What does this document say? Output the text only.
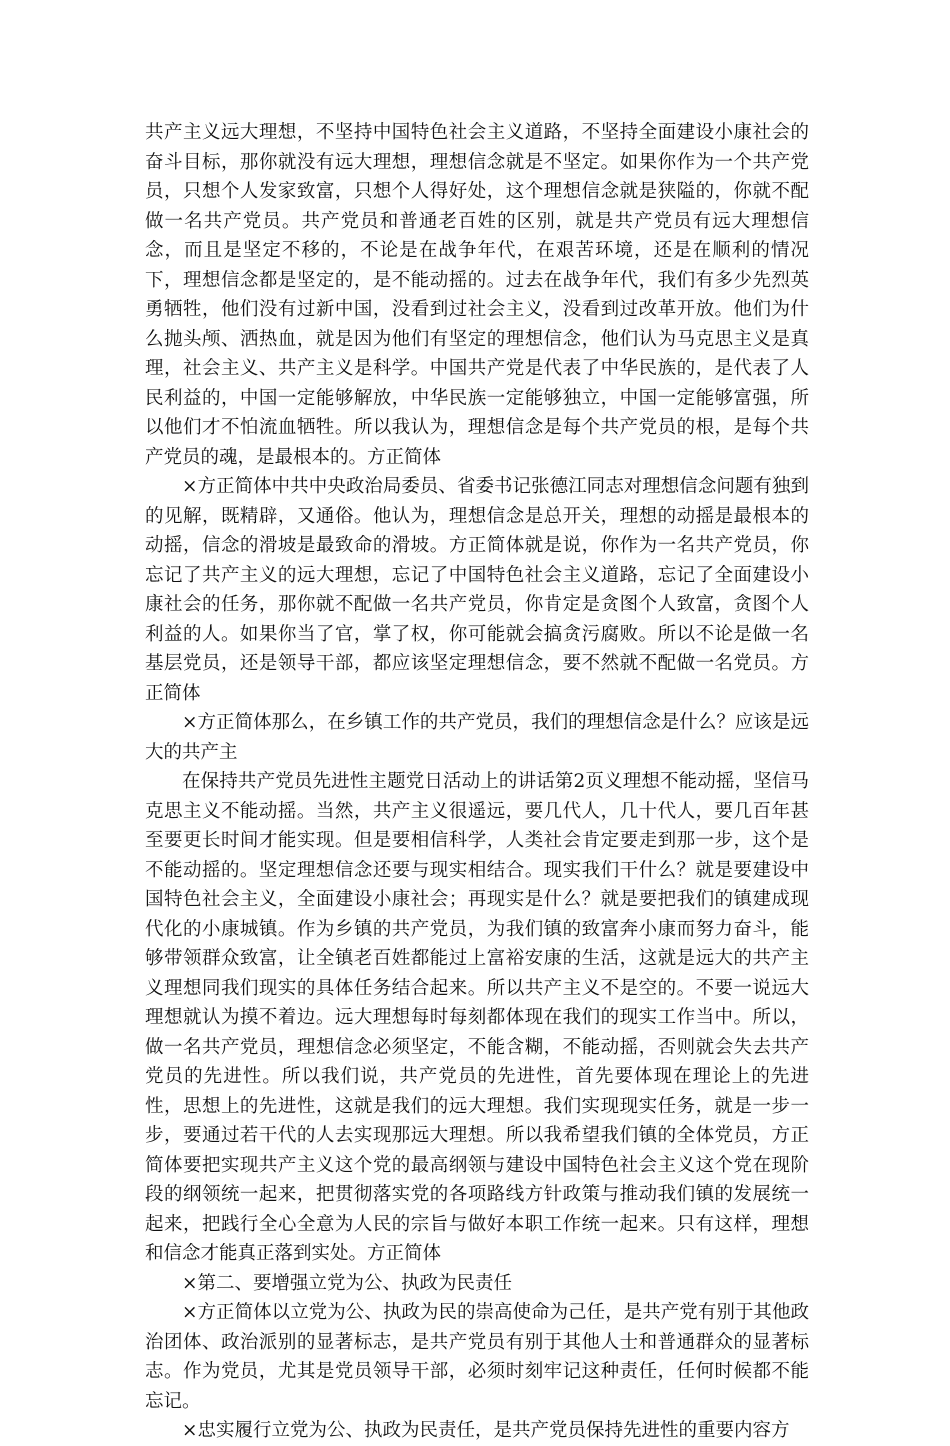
共产主义远大理想，不坚持中国特色社会主义道路，不坚持全面建设小康社会的奋斗目标，那你就没有远大理想，理想信念就是不坚定。如果你作为一个共产党员，只想个人发家致富，只想个人得好处，这个理想信念就是狭隘的，你就不配做一名共产党员。共产党员和普通老百姓的区别，就是共产党员有远大理想信念，而且是坚定不移的，不论是在战争年代，在艰苦环境，还是在顺利的情况下，理想信念都是坚定的，是不能动摇的。过去在战争年代，我们有多少先烈英勇牺牲，他们没有过新中国，没看到过社会主义，没看到过改革开放。他们为什么抛头颅、洒热血，就是因为他们有坚定的理想信念，他们认为马克思主义是真理，社会主义、共产主义是科学。中国共产党是代表了中华民族的，是代表了人民利益的，中国一定能够解放，中华民族一定能够独立，中国一定能够富强，所以他们才不怕流血牺牲。所以我认为，理想信念是每个共产党员的根，是每个共产党员的魂，是最根本的。方正简体

×方正简体中共中央政治局委员、省委书记张德江同志对理想信念问题有独到的见解，既精辟，又通俗。他认为，理想信念是总开关，理想的动摇是最根本的动摇，信念的滑坡是最致命的滑坡。方正简体就是说，你作为一名共产党员，你忘记了共产主义的远大理想，忘记了中国特色社会主义道路，忘记了全面建设小康社会的任务，那你就不配做一名共产党员，你肯定是贪图个人致富，贪图个人利益的人。如果你当了官，掌了权，你可能就会搞贪污腐败。所以不论是做一名基层党员，还是领导干部，都应该坚定理想信念，要不然就不配做一名党员。方正简体

×方正简体那么，在乡镇工作的共产党员，我们的理想信念是什么？应该是远大的共产主

在保持共产党员先进性主题党日活动上的讲话第2页义理想不能动摇，坚信马克思主义不能动摇。当然，共产主义很遥远，要几代人，几十代人，要几百年甚至要更长时间才能实现。但是要相信科学，人类社会肯定要走到那一步，这个是不能动摇的。坚定理想信念还要与现实相结合。现实我们干什么？就是要建设中国特色社会主义，全面建设小康社会；再现实是什么？就是要把我们的镇建成现代化的小康城镇。作为乡镇的共产党员，为我们镇的致富奔小康而努力奋斗，能够带领群众致富，让全镇老百姓都能过上富裕安康的生活，这就是远大的共产主义理想同我们现实的具体任务结合起来。所以共产主义不是空的。不要一说远大理想就认为摸不着边。远大理想每时每刻都体现在我们的现实工作当中。所以，做一名共产党员，理想信念必须坚定，不能含糊，不能动摇，否则就会失去共产党员的先进性。所以我们说，共产党员的先进性，首先要体现在理论上的先进性，思想上的先进性，这就是我们的远大理想。我们实现现实任务，就是一步一步，要通过若干代的人去实现那远大理想。所以我希望我们镇的全体党员，方正简体要把实现共产主义这个党的最高纲领与建设中国特色社会主义这个党在现阶段的纲领统一起来，把贯彻落实党的各项路线方针政策与推动我们镇的发展统一起来，把践行全心全意为人民的宗旨与做好本职工作统一起来。只有这样，理想和信念才能真正落到实处。方正简体

×第二、要增强立党为公、执政为民责任

×方正简体以立党为公、执政为民的崇高使命为己任，是共产党有别于其他政治团体、政治派别的显著标志，是共产党员有别于其他人士和普通群众的显著标志。作为党员，尤其是党员领导干部，必须时刻牢记这种责任，任何时候都不能忘记。

×忠实履行立党为公、执政为民责任，是共产党员保持先进性的重要内容方
